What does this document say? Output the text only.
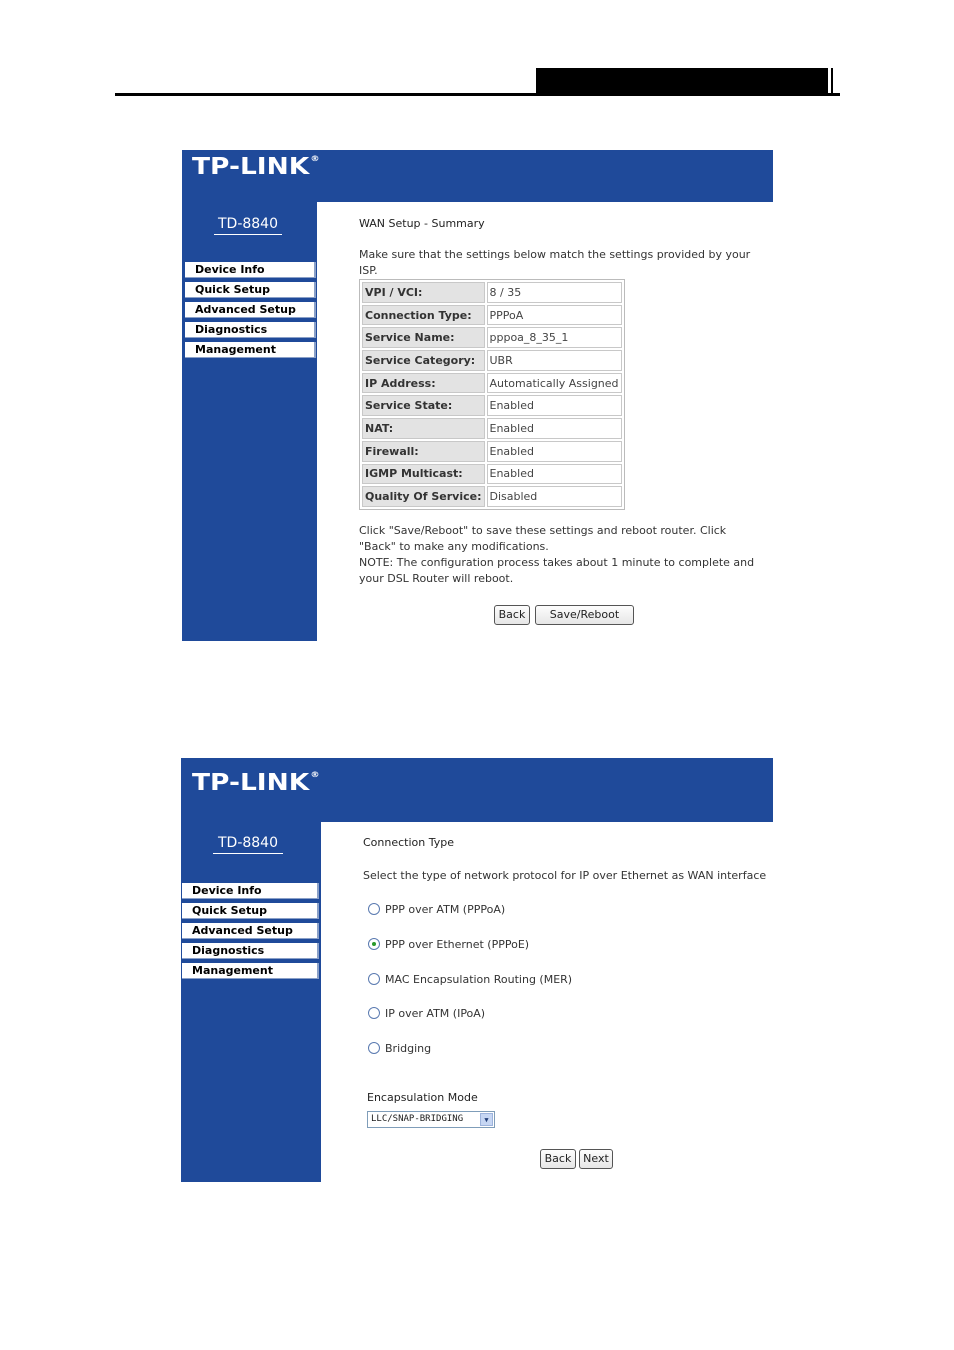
TP-LINK®
TD-8840
Device Info
Quick Setup
Advanced Setup
Diagnostics
Management
WAN Setup - Summary
Make sure that the settings below match the settings provided by your ISP.
VPI / VCI:	8 / 35
Connection Type:	PPPoA
Service Name:	pppoa_8_35_1
Service Category:	UBR
IP Address:	Automatically Assigned
Service State:	Enabled
NAT:	Enabled
Firewall:	Enabled
IGMP Multicast:	Enabled
Quality Of Service:	Disabled
Click "Save/Reboot" to save these settings and reboot router. Click "Back" to make any modifications.
NOTE: The configuration process takes about 1 minute to complete and your DSL Router will reboot.
Back	Save/Reboot
TP-LINK®
TD-8840
Device Info
Quick Setup
Advanced Setup
Diagnostics
Management
Connection Type
Select the type of network protocol for IP over Ethernet as WAN interface
PPP over ATM (PPPoA)
PPP over Ethernet (PPPoE)
MAC Encapsulation Routing (MER)
IP over ATM (IPoA)
Bridging
Encapsulation Mode
LLC/SNAP-BRIDGING	▼
Back	Next
